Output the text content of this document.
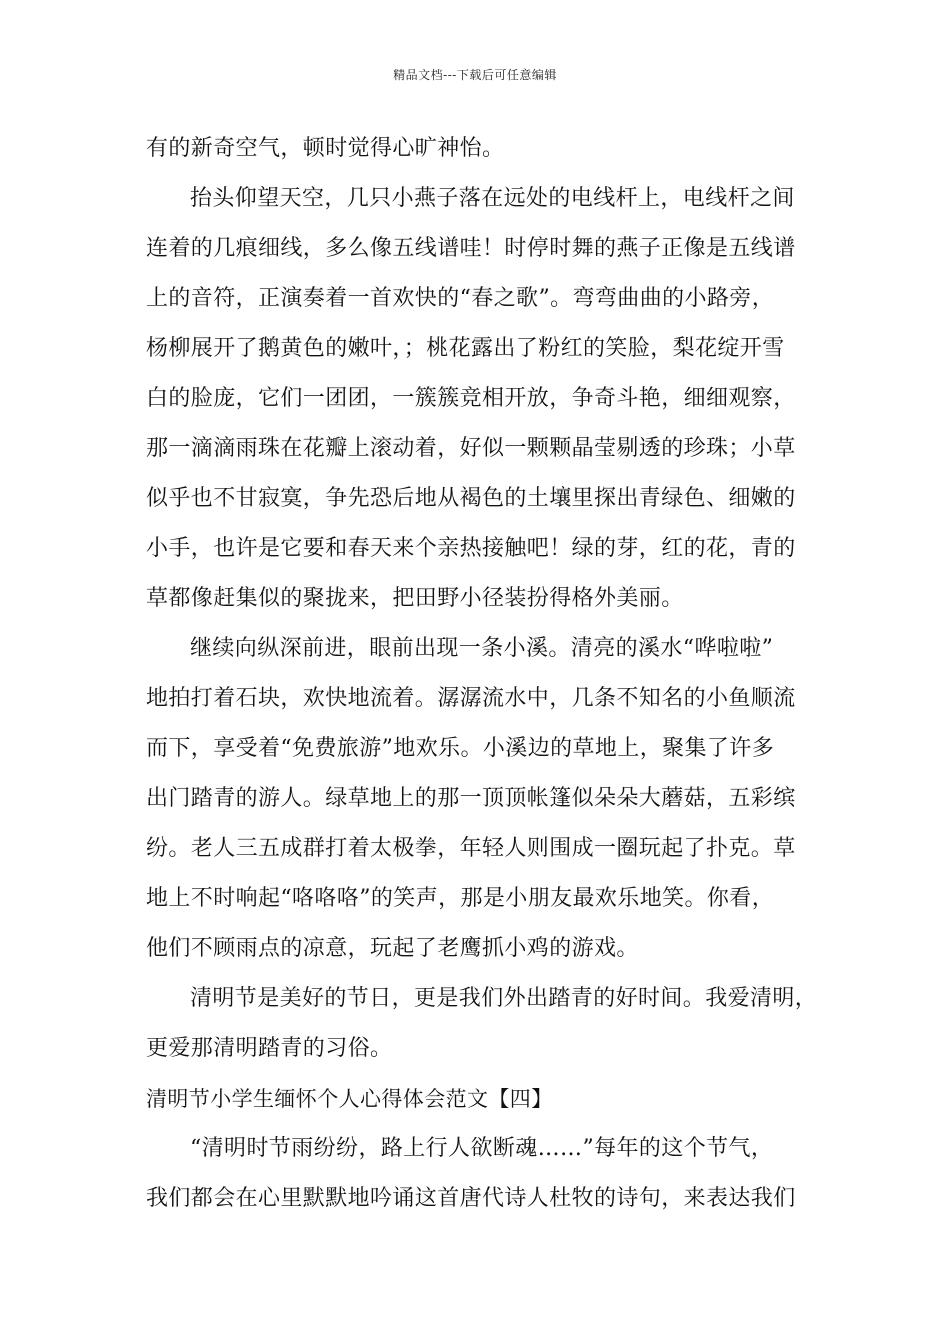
精品文档---下载后可任意编辑
有的新奇空气，顿时觉得心旷神怡。
抬头仰望天空，几只小燕子落在远处的电线杆上，电线杆之间
连着的几痕细线，多么像五线谱哇！时停时舞的燕子正像是五线谱
上的音符，正演奏着一首欢快的“春之歌”。弯弯曲曲的小路旁，
杨柳展开了鹅黄色的嫩叶，；桃花露出了粉红的笑脸，梨花绽开雪
白的脸庞，它们一团团，一簇簇竞相开放，争奇斗艳，细细观察，
那一滴滴雨珠在花瓣上滚动着，好似一颗颗晶莹剔透的珍珠；小草
似乎也不甘寂寞，争先恐后地从褐色的土壤里探出青绿色、细嫩的
小手，也许是它要和春天来个亲热接触吧！绿的芽，红的花，青的
草都像赶集似的聚拢来，把田野小径装扮得格外美丽。
继续向纵深前进，眼前出现一条小溪。清亮的溪水“哗啦啦”
地拍打着石块，欢快地流着。潺潺流水中，几条不知名的小鱼顺流
而下，享受着“免费旅游”地欢乐。小溪边的草地上，聚集了许多
出门踏青的游人。绿草地上的那一顶顶帐篷似朵朵大蘑菇，五彩缤
纷。老人三五成群打着太极拳，年轻人则围成一圈玩起了扑克。草
地上不时响起“咯咯咯”的笑声，那是小朋友最欢乐地笑。你看，
他们不顾雨点的凉意，玩起了老鹰抓小鸡的游戏。
清明节是美好的节日，更是我们外出踏青的好时间。我爱清明，
更爱那清明踏青的习俗。
清明节小学生缅怀个人心得体会范文【四】
“清明时节雨纷纷，路上行人欲断魂……”每年的这个节气，
我们都会在心里默默地吟诵这首唐代诗人杜牧的诗句，来表达我们
